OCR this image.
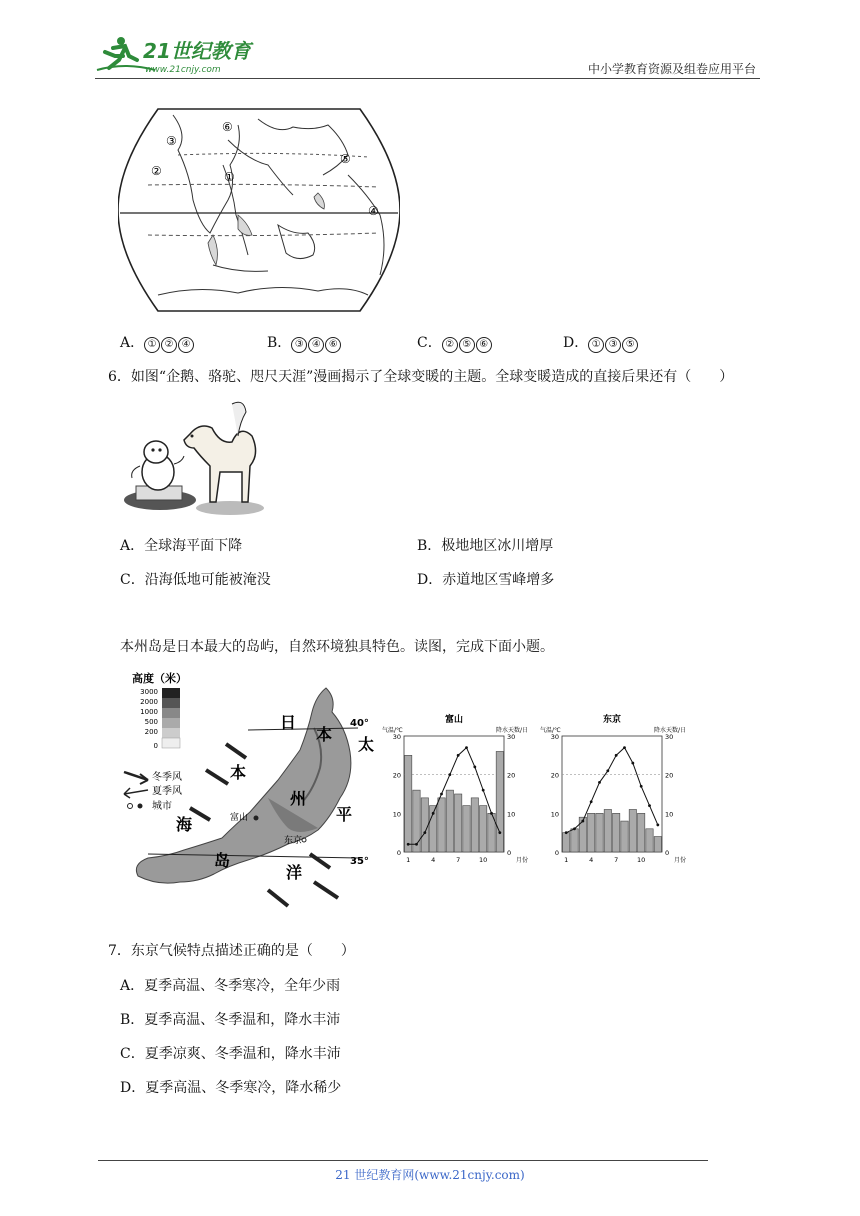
21世纪教育
www.21cnjy.com	中小学教育资源及组卷应用平台
①
②
③
④
⑤
⑥
A． ① ② ④	B． ③ ④ ⑥	C． ② ⑤ ⑥	D． ① ③ ⑤
6．如图“企鹅、骆驼、咫尺天涯”漫画揭示了全球变暖的主题。全球变暖造成的直接后果还有（　　）
A．全球海平面下降	B．极地地区冰川增厚
C．沿海低地可能被淹没	D．赤道地区雪峰增多
本州岛是日本最大的岛屿，自然环境独具特色。读图，完成下面小题。
高度（米）
3000
2000
1000
500
200
0
冬季风
夏季风
城市
40°
35°
日
本
海
岛
本
州
太
平
洋
富山
东京
富山
气温/℃	降水天数/日
0	0
10	10
20	20
30	30
1	4	7	10	月份
东京
气温/℃	降水天数/日
0	0
10	10
20	20
30	30
1	4	7	10	月份
7．东京气候特点描述正确的是（　　）
A．夏季高温、冬季寒冷，全年少雨
B．夏季高温、冬季温和，降水丰沛
C．夏季凉爽、冬季温和，降水丰沛
D．夏季高温、冬季寒冷，降水稀少
21 世纪教育网(www.21cnjy.com)
